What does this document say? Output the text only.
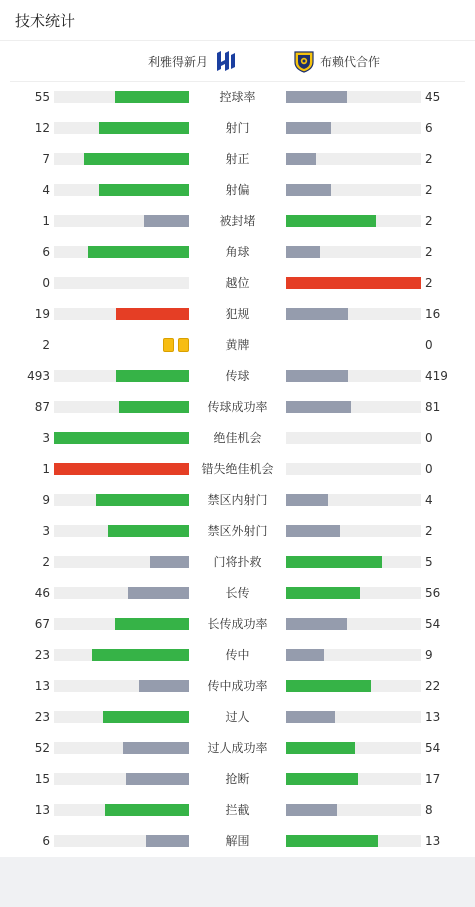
技术统计
利雅得新月	布赖代合作
55	控球率	45
12	射门	6
7	射正	2
4	射偏	2
1	被封堵	2
6	角球	2
0	越位	2
19	犯规	16
2	黄牌	0
493	传球	419
87	传球成功率	81
3	绝佳机会	0
1	错失绝佳机会	0
9	禁区内射门	4
3	禁区外射门	2
2	门将扑救	5
46	长传	56
67	长传成功率	54
23	传中	9
13	传中成功率	22
23	过人	13
52	过人成功率	54
15	抢断	17
13	拦截	8
6	解围	13
